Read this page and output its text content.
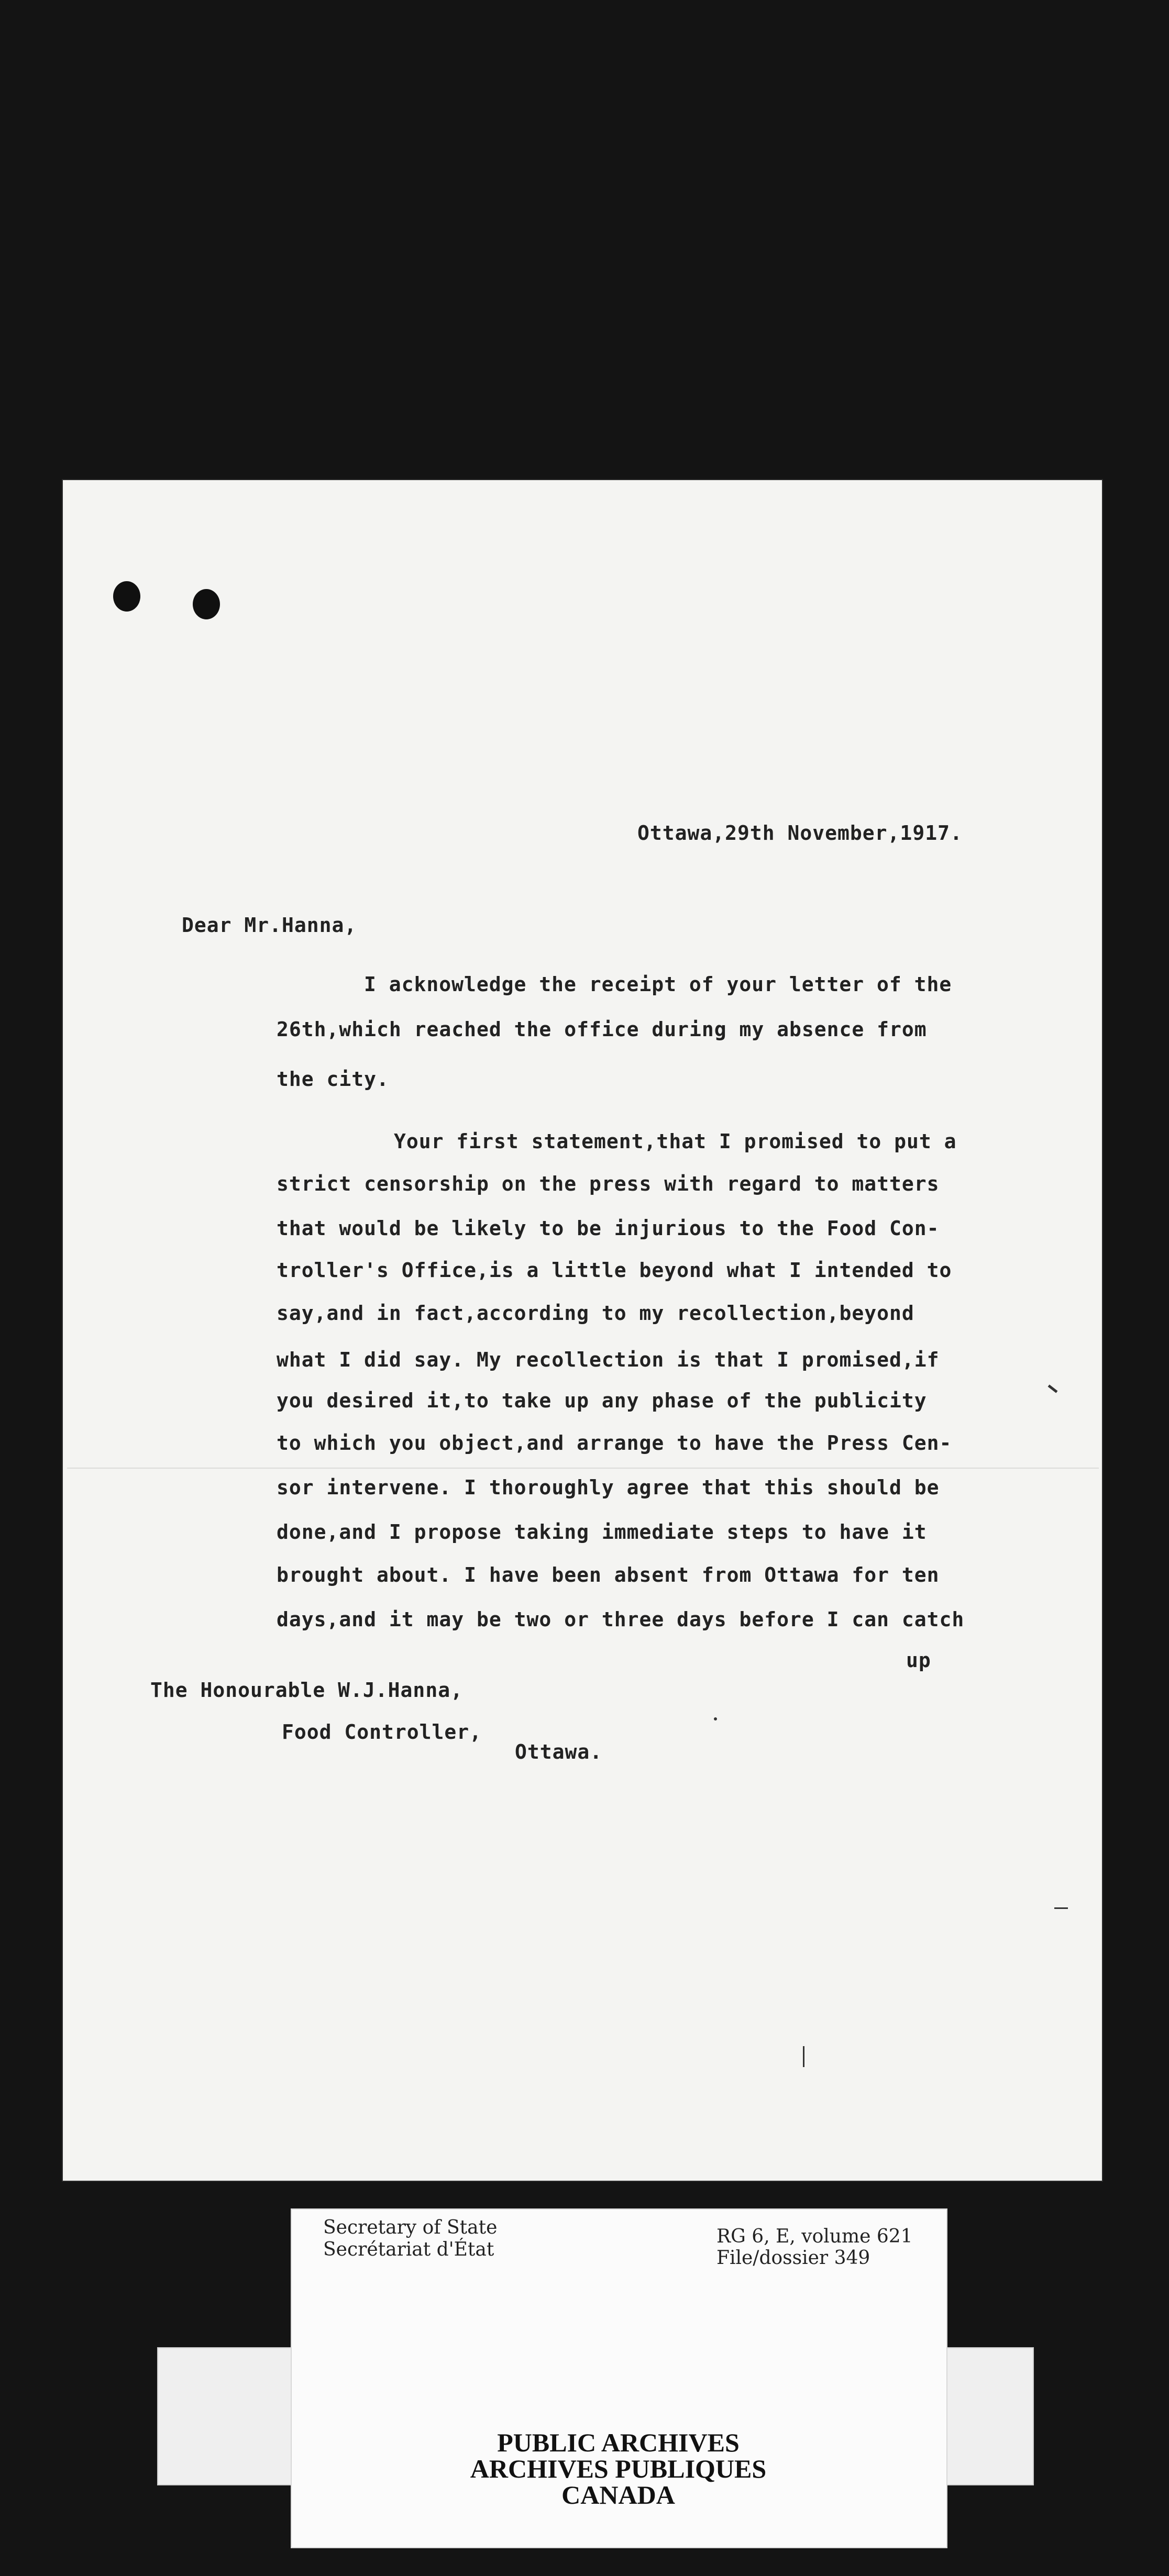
Ottawa,29th November,1917.
Dear Mr.Hanna,
I acknowledge the receipt of your letter of the
26th,which reached the office during my absence from
the city.
Your first statement,that I promised to put a
strict censorship on the press with regard to matters
that would be likely to be injurious to the Food Con-
troller's Office,is a little beyond what I intended to
say,and in fact,according to my recollection,beyond
what I did say. My recollection is that I promised,if
you desired it,to take up any phase of the publicity
to which you object,and arrange to have the Press Cen-
sor intervene. I thoroughly agree that this should be
done,and I propose taking immediate steps to have it
brought about. I have been absent from Ottawa for ten
days,and it may be two or three days before I can catch
up
The Honourable W.J.Hanna,
Food Controller,
Ottawa.
Secretary of State
Secrétariat d'État
RG 6, E, volume 621
File/dossier 349
PUBLIC ARCHIVES
ARCHIVES PUBLIQUES
CANADA
